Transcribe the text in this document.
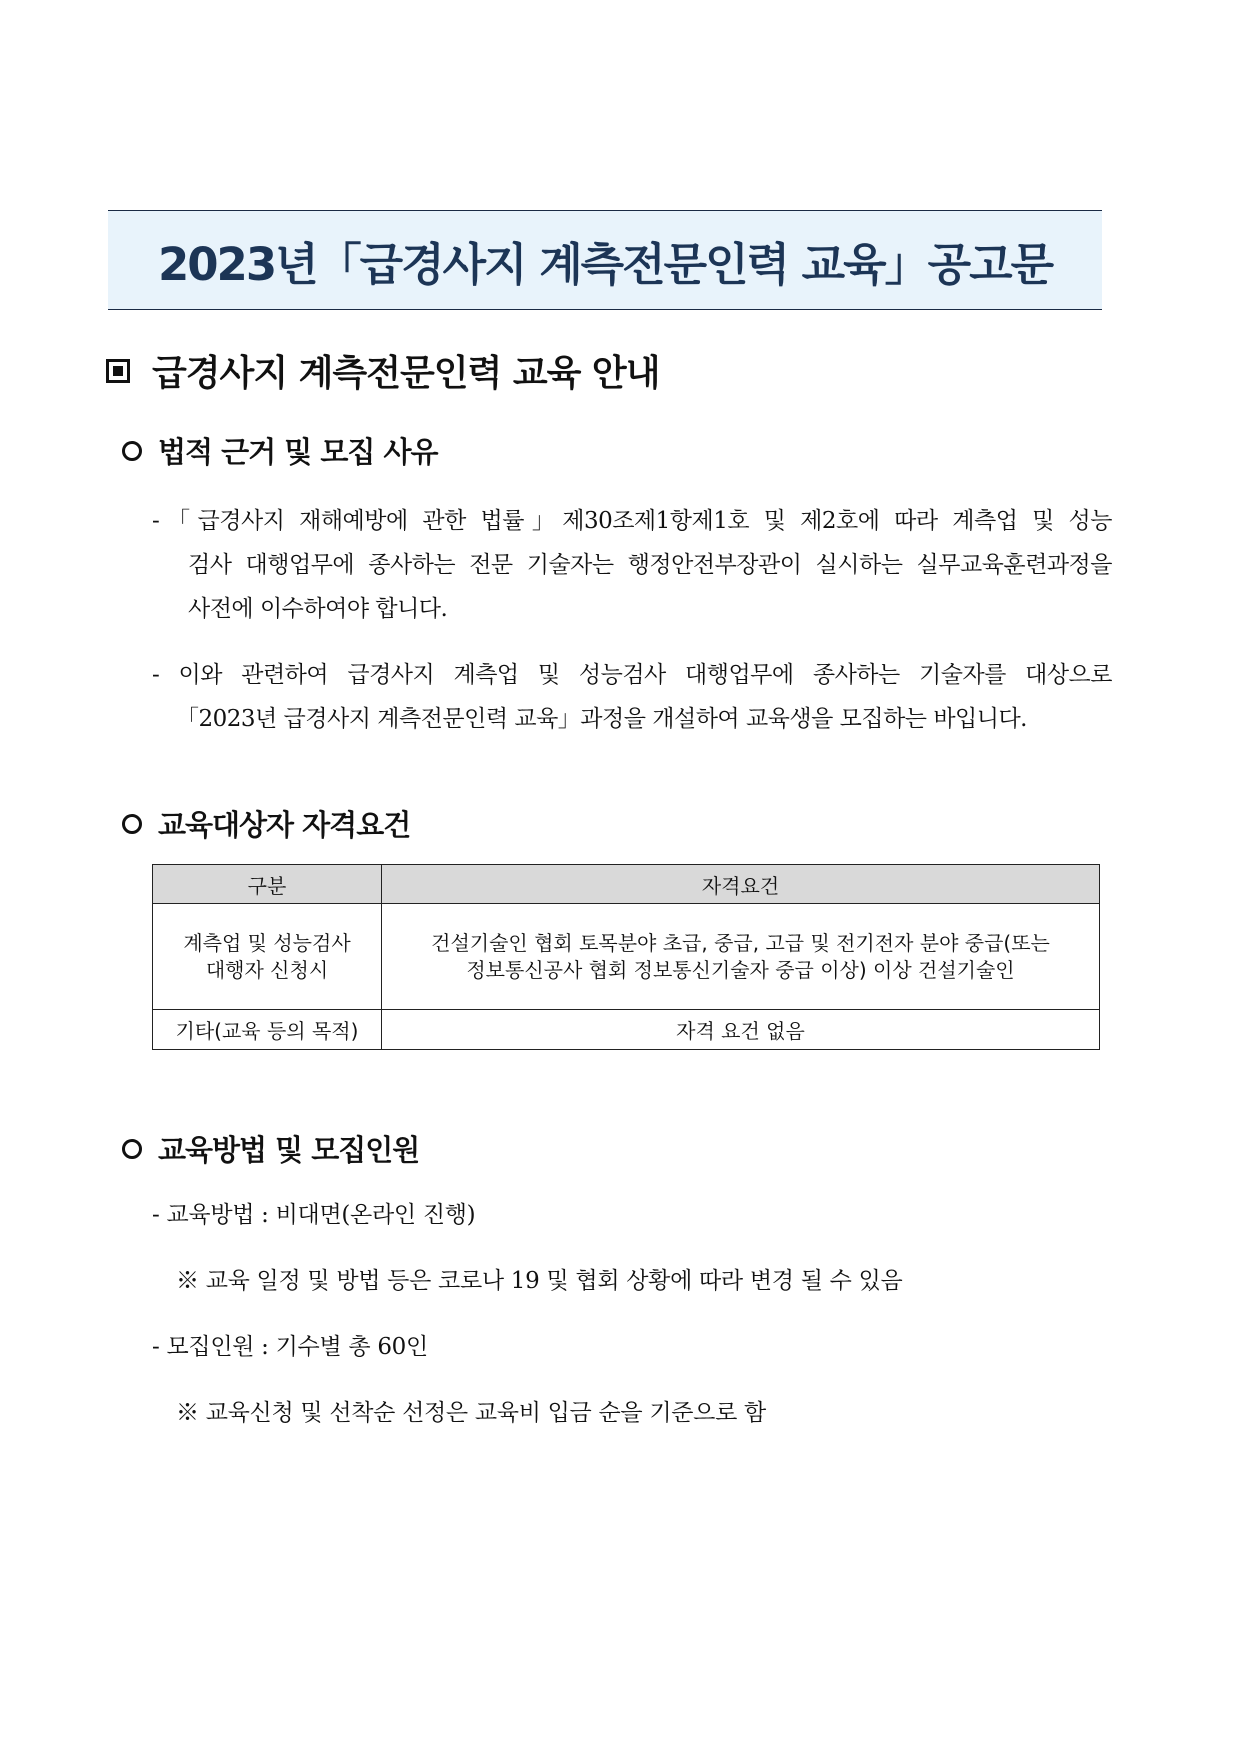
2023년「급경사지 계측전문인력 교육」공고문
급경사지 계측전문인력 교육 안내
법적 근거 및 모집 사유
-「급경사지 재해예방에 관한 법률」제30조제1항제1호 및 제2호에 따라 계측업 및 성능
검사 대행업무에 종사하는 전문 기술자는 행정안전부장관이 실시하는 실무교육훈련과정을
사전에 이수하여야 합니다.
- 이와 관련하여 급경사지 계측업 및 성능검사 대행업무에 종사하는 기술자를 대상으로
「2023년 급경사지 계측전문인력 교육」과정을 개설하여 교육생을 모집하는 바입니다.
교육대상자 자격요건
구분	자격요건

계측업 및 성능검사
대행자 신청시	건설기술인 협회 토목분야 초급, 중급, 고급 및 전기전자 분야 중급(또는
정보통신공사 협회 정보통신기술자 중급 이상) 이상 건설기술인

기타(교육 등의 목적)	자격 요건 없음
교육방법 및 모집인원
- 교육방법 : 비대면(온라인 진행)
※ 교육 일정 및 방법 등은 코로나 19 및 협회 상황에 따라 변경 될 수 있음
- 모집인원 : 기수별 총 60인
※ 교육신청 및 선착순 선정은 교육비 입금 순을 기준으로 함
